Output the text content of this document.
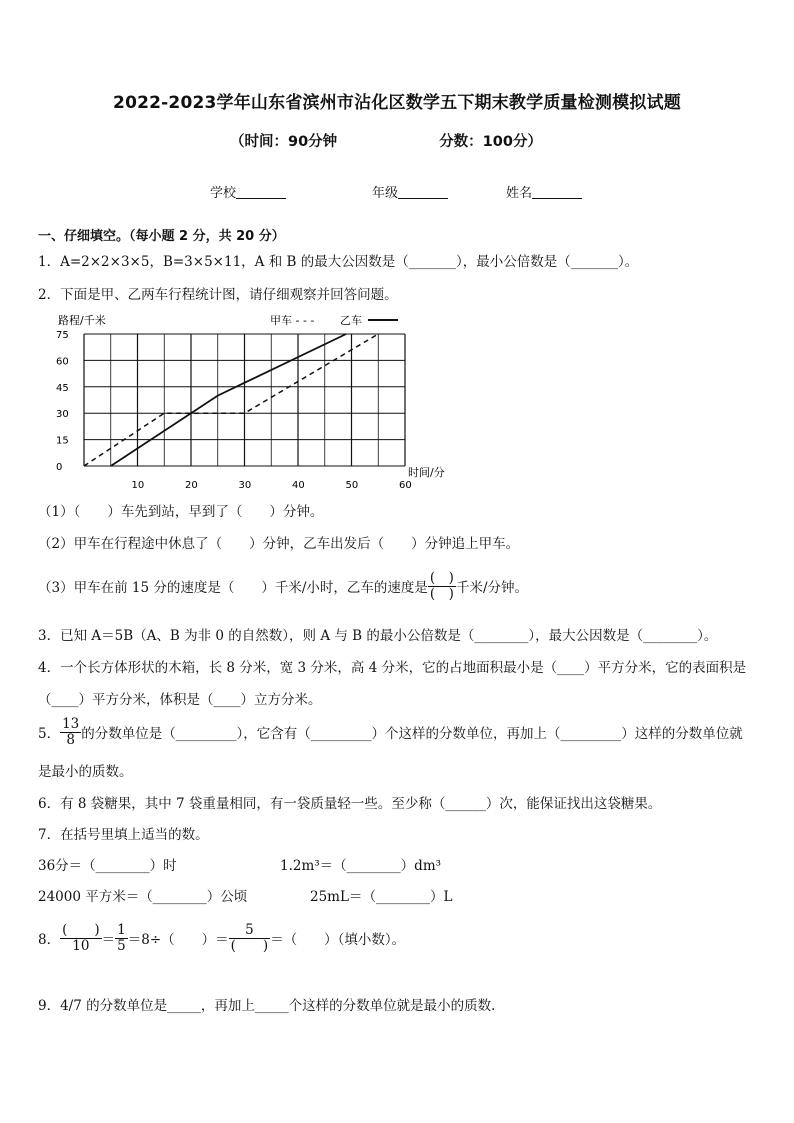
2022-2023学年山东省滨州市沾化区数学五下期末教学质量检测模拟试题
（时间：90分钟	分数：100分）
学校	年级	姓名
一、仔细填空。（每小题 2 分，共 20 分）
1．A=2×2×3×5，B=3×5×11，A 和 B 的最大公因数是（_______），最小公倍数是（_______）。
2．下面是甲、乙两车行程统计图，请仔细观察并回答问题。
75
60
45
30
15
0
10	20	30	40	50	60
路程/千米
时间/分
甲车 - - - 乙车
（1）（　　）车先到站，早到了（　　）分钟。
（2）甲车在行程途中休息了（　　）分钟，乙车出发后（　　）分钟追上甲车。
（3）甲车在前 15 分的速度是（　　）千米/小时，乙车的速度是 $\frac{( )}{( )}$ 千米/分钟。
3．已知 A＝5B（A、B 为非 0 的自然数），则 A 与 B 的最小公倍数是（________），最大公因数是（________）。
4．一个长方体形状的木箱，长 8 分米，宽 3 分米，高 4 分米，它的占地面积最小是（____）平方分米，它的表面积是
（____）平方分米，体积是（____）立方分米。
5． $\frac{13}{8}$ 的分数单位是（_________），它含有（_________）个这样的分数单位，再加上（_________）这样的分数单位就
是最小的质数。
6．有 8 袋糖果，其中 7 袋重量相同，有一袋质量轻一些。至少称（______）次，能保证找出这袋糖果。
7．在括号里填上适当的数。
36分＝（________）时	1.2m³＝（________）dm³
24000 平方米＝（________）公顷	25mL＝（________）L
8． $\frac{( )}{10} = \frac{1}{5} =8\div$（　　）＝ $\frac{5}{( )}$ ＝（　　）（填小数）。
9．4/7 的分数单位是_____，再加上_____个这样的分数单位就是最小的质数.
